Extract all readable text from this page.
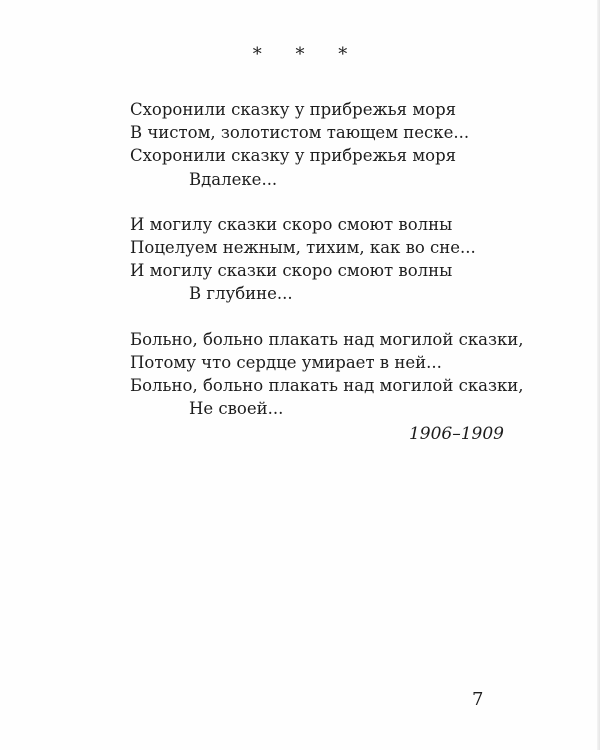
* * *
Схоронили сказку у прибрежья моря
В чистом, золотистом тающем песке...
Схоронили сказку у прибрежья моря
Вдалеке...
И могилу сказки скоро смоют волны
Поцелуем нежным, тихим, как во сне...
И могилу сказки скоро смоют волны
В глубине...
Больно, больно плакать над могилой сказки,
Потому что сердце умирает в ней...
Больно, больно плакать над могилой сказки,
Не своей...
1906–1909
7
